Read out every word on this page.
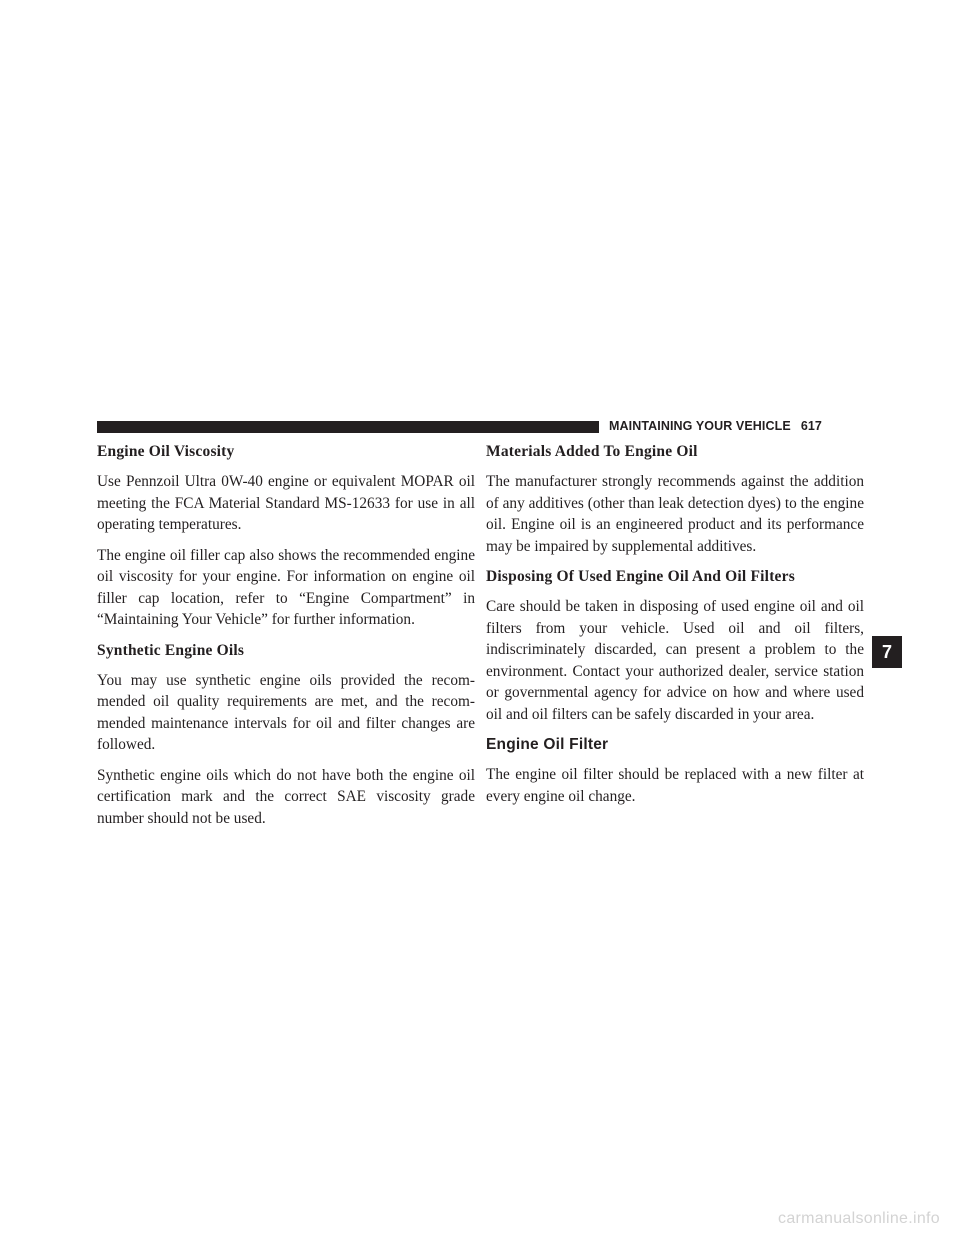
MAINTAINING YOUR VEHICLE 617
Engine Oil Viscosity

Use Pennzoil Ultra 0W-40 engine or equivalent MOPAR oil meeting the FCA Material Standard MS-12633 for use in all operating temperatures.

The engine oil filler cap also shows the recommended engine oil viscosity for your engine. For information on engine oil filler cap location, refer to “Engine Compartment” in “Maintaining Your Vehicle” for further information.

Synthetic Engine Oils

You may use synthetic engine oils provided the recommended oil quality requirements are met, and the recommended maintenance intervals for oil and filter changes are followed.

Synthetic engine oils which do not have both the engine oil certification mark and the correct SAE viscosity grade number should not be used.

Materials Added To Engine Oil

The manufacturer strongly recommends against the addition of any additives (other than leak detection dyes) to the engine oil. Engine oil is an engineered product and its performance may be impaired by supplemental additives.

Disposing Of Used Engine Oil And Oil Filters

Care should be taken in disposing of used engine oil and oil filters from your vehicle. Used oil and oil filters, indiscriminately discarded, can present a problem to the environment. Contact your authorized dealer, service station or governmental agency for advice on how and where used oil and oil filters can be safely discarded in your area.

Engine Oil Filter

The engine oil filter should be replaced with a new filter at every engine oil change.

7
carmanualsonline.info
